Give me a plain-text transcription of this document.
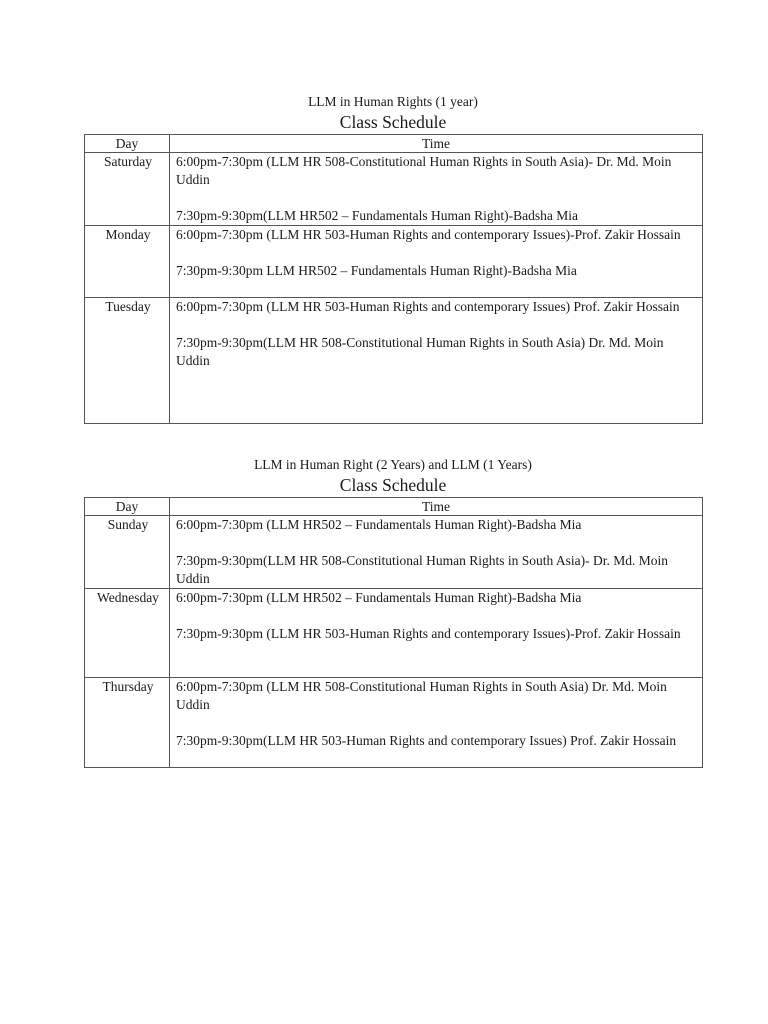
LLM in Human Rights (1 year)
Class Schedule
Day	Time
Saturday	6:00pm-7:30pm (LLM HR 508-Constitutional Human Rights in South Asia)- Dr. Md. Moin Uddin
7:30pm-9:30pm(LLM HR502 – Fundamentals Human Right)-Badsha Mia

Monday	6:00pm-7:30pm (LLM HR 503-Human Rights and contemporary Issues)-Prof. Zakir Hossain
7:30pm-9:30pm LLM HR502 – Fundamentals Human Right)-Badsha Mia

Tuesday	6:00pm-7:30pm (LLM HR 503-Human Rights and contemporary Issues) Prof. Zakir Hossain
7:30pm-9:30pm(LLM HR 508-Constitutional Human Rights in South Asia) Dr. Md. Moin Uddin
LLM in Human Right (2 Years) and LLM (1 Years)
Class Schedule
Day	Time
Sunday	6:00pm-7:30pm (LLM HR502 – Fundamentals Human Right)-Badsha Mia
7:30pm-9:30pm(LLM HR 508-Constitutional Human Rights in South Asia)- Dr. Md. Moin Uddin

Wednesday	6:00pm-7:30pm (LLM HR502 – Fundamentals Human Right)-Badsha Mia
7:30pm-9:30pm (LLM HR 503-Human Rights and contemporary Issues)-Prof. Zakir Hossain

Thursday	6:00pm-7:30pm (LLM HR 508-Constitutional Human Rights in South Asia) Dr. Md. Moin Uddin
7:30pm-9:30pm(LLM HR 503-Human Rights and contemporary Issues) Prof. Zakir Hossain
